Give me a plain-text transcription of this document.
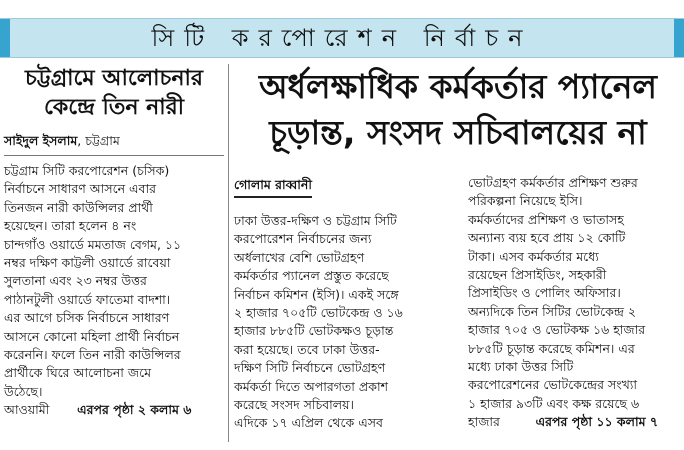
সিটি করপোরেশন নির্বাচন
চট্টগ্রামে আলোচনার
কেন্দ্রে তিন নারী
সাইদুল ইসলাম, চট্টগ্রাম
চট্টগ্রাম সিটি করপোরেশন (চসিক)
নির্বাচনে সাধারণ আসনে এবার
তিনজন নারী কাউন্সিলর প্রার্থী
হয়েছেন। তারা হলেন ৪ নং
চান্দগাঁও ওয়ার্ডে মমতাজ বেগম, ১১
নম্বর দক্ষিণ কাট্টলী ওয়ার্ডে রাবেয়া
সুলতানা এবং ২৩ নম্বর উত্তর
পাঠানটুলী ওয়ার্ডে ফাতেমা বাদশা।
এর আগে চসিক নির্বাচনে সাধারণ
আসনে কোনো মহিলা প্রার্থী নির্বাচন
করেননি। ফলে তিন নারী কাউন্সিলর
প্রার্থীকে ঘিরে আলোচনা জমে
উঠেছে।
আওয়ামী এরপর পৃষ্ঠা ২ কলাম ৬
অর্ধলক্ষাধিক কর্মকর্তার প্যানেল
চূড়ান্ত, সংসদ সচিবালয়ের না
গোলাম রাব্বানী
ঢাকা উত্তর-দক্ষিণ ও চট্টগ্রাম সিটি
করপোরেশন নির্বাচনের জন্য
অর্ধলাখের বেশি ভোটগ্রহণ
কর্মকর্তার প্যানেল প্রস্তুত করেছে
নির্বাচন কমিশন (ইসি)। একই সঙ্গে
২ হাজার ৭০৫টি ভোটকেন্দ্র ও ১৬
হাজার ৮৮৫টি ভোটকক্ষও চূড়ান্ত
করা হয়েছে। তবে ঢাকা উত্তর-
দক্ষিণ সিটি নির্বাচনে ভোটগ্রহণ
কর্মকর্তা দিতে অপারগতা প্রকাশ
করেছে সংসদ সচিবালয়।
এদিকে ১৭ এপ্রিল থেকে এসব
ভোটগ্রহণ কর্মকর্তার প্রশিক্ষণ শুরুর
পরিকল্পনা নিয়েছে ইসি।
কর্মকর্তাদের প্রশিক্ষণ ও ভাতাসহ
অন্যান্য ব্যয় হবে প্রায় ১২ কোটি
টাকা। এসব কর্মকর্তার মধ্যে
রয়েছেন প্রিসাইডিং, সহকারী
প্রিসাইডিং ও পোলিং অফিসার।
অন্যদিকে তিন সিটির ভোটকেন্দ্র ২
হাজার ৭০৫ ও ভোটকক্ষ ১৬ হাজার
৮৮৫টি চূড়ান্ত করেছে কমিশন। এর
মধ্যে ঢাকা উত্তর সিটি
করপোরেশনের ভোটকেন্দ্রের সংখ্যা
১ হাজার ৯৩টি এবং কক্ষ রয়েছে ৬
হাজার	এরপর পৃষ্ঠা ১১ কলাম ৭
